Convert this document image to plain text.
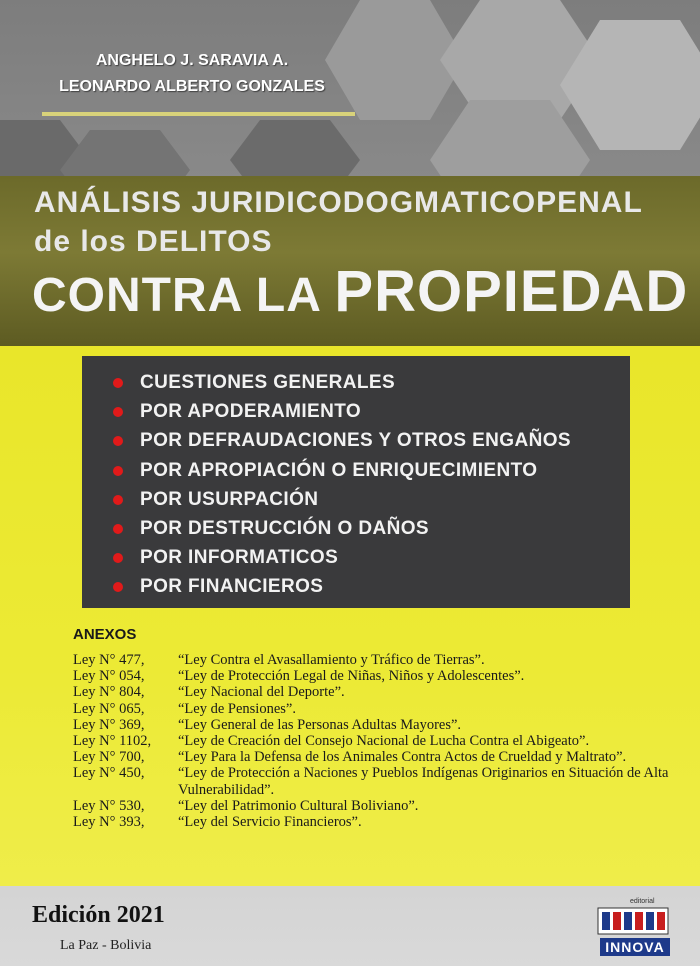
ANGHELO J. SARAVIA A.
LEONARDO ALBERTO GONZALES
ANÁLISIS JURIDICODOGMATICOPENAL
de los DELITOS
CONTRA LA PROPIEDAD
CUESTIONES GENERALES
POR APODERAMIENTO
POR DEFRAUDACIONES Y OTROS ENGAÑOS
POR APROPIACIÓN O ENRIQUECIMIENTO
POR USURPACIÓN
POR DESTRUCCIÓN O DAÑOS
POR INFORMATICOS
POR FINANCIEROS
ANEXOS
Ley N° 477,	“Ley Contra el Avasallamiento y Tráfico de Tierras”.
Ley N° 054,	“Ley de Protección Legal de Niñas, Niños y Adolescentes”.
Ley N° 804,	“Ley Nacional del Deporte”.
Ley N° 065,	“Ley de Pensiones”.
Ley N° 369,	“Ley General de las Personas Adultas Mayores”.
Ley N° 1102,	“Ley de Creación del Consejo Nacional de Lucha Contra el Abigeato”.
Ley N° 700,	“Ley Para la Defensa de los Animales Contra Actos de Crueldad y Maltrato”.
Ley N° 450,	“Ley de Protección a Naciones y Pueblos Indígenas Originarios en Situación de Alta Vulnerabilidad”.
Ley N° 530,	“Ley del Patrimonio Cultural Boliviano”.
Ley N° 393,	“Ley del Servicio Financieros”.
Edición 2021
La Paz - Bolivia
editorial
INNOVA
